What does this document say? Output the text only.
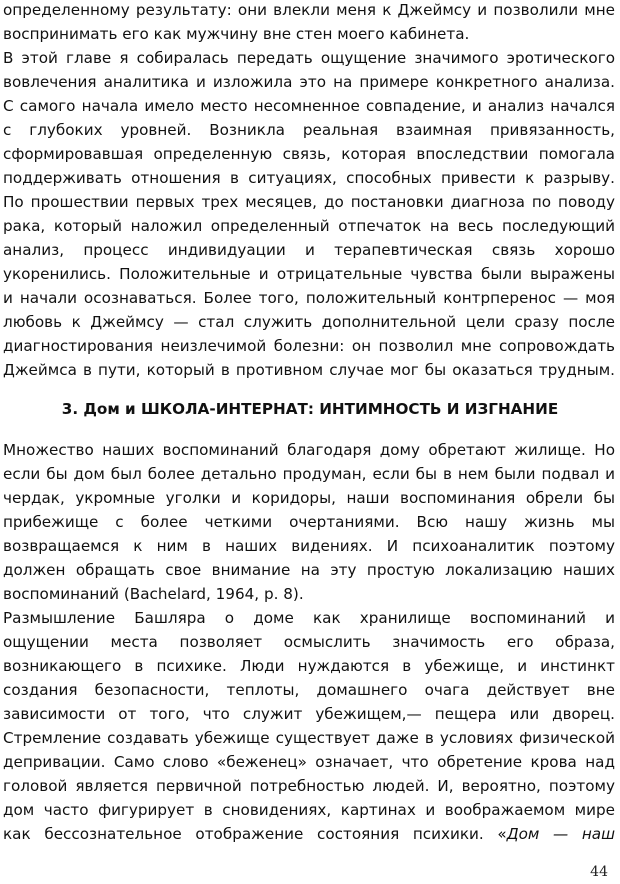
определенному результату: они влекли меня к Джеймсу и позволили мне
воспринимать его как мужчину вне стен моего кабинета.
В этой главе я собиралась передать ощущение значимого эротического
вовлечения аналитика и изложила это на примере конкретного анализа.
С самого начала имело место несомненное совпадение, и анализ начался
с глубоких уровней. Возникла реальная взаимная привязанность,
сформировавшая определенную связь, которая впоследствии помогала
поддерживать отношения в ситуациях, способных привести к разрыву.
По прошествии первых трех месяцев, до постановки диагноза по поводу
рака, который наложил определенный отпечаток на весь последующий
анализ, процесс индивидуации и терапевтическая связь хорошо
укоренились. Положительные и отрицательные чувства были выражены
и начали осознаваться. Более того, положительный контрперенос — моя
любовь к Джеймсу — стал служить дополнительной цели сразу после
диагностирования неизлечимой болезни: он позволил мне сопровождать
Джеймса в пути, который в противном случае мог бы оказаться трудным.
3. Дом и ШКОЛА-ИНТЕРНАТ: ИНТИМНОСТЬ И ИЗГНАНИЕ
Множество наших воспоминаний благодаря дому обретают жилище. Но
если бы дом был более детально продуман, если бы в нем были подвал и
чердак, укромные уголки и коридоры, наши воспоминания обрели бы
прибежище с более четкими очертаниями. Всю нашу жизнь мы
возвращаемся к ним в наших видениях. И психоаналитик поэтому
должен обращать свое внимание на эту простую локализацию наших
воспоминаний (Bachelard, 1964, р. 8).
Размышление Башляра о доме как хранилище воспоминаний и
ощущении места позволяет осмыслить значимость его образа,
возникающего в психике. Люди нуждаются в убежище, и инстинкт
создания безопасности, теплоты, домашнего очага действует вне
зависимости от того, что служит убежищем,— пещера или дворец.
Стремление создавать убежище существует даже в условиях физической
депривации. Само слово «беженец» означает, что обретение крова над
головой является первичной потребностью людей. И, вероятно, поэтому
дом часто фигурирует в сновидениях, картинах и воображаемом мире
как бессознательное отображение состояния психики. «Дом — наш
44
